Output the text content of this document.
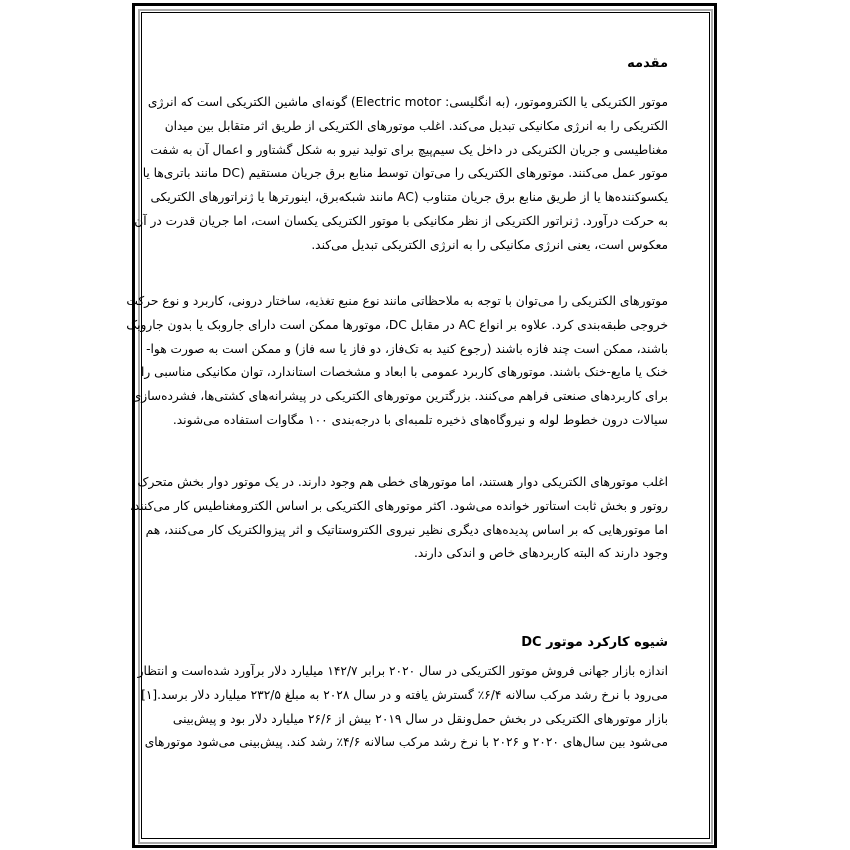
مقدمه
موتور الکتریکی یا الکتروموتور، (به انگلیسی: Electric motor) گونه‌ای ماشین الکتریکی است که انرژی
الکتریکی را به انرژی مکانیکی تبدیل می‌کند. اغلب موتورهای الکتریکی از طریق اثر متقابل بین میدان
مغناطیسی و جریان الکتریکی در داخل یک سیم‌پیچ برای تولید نیرو به شکل گشتاور و اعمال آن به شفت
موتور عمل می‌کنند. موتورهای الکتریکی را می‌توان توسط منابع برق جریان مستقیم (DC مانند باتری‌ها یا
یکسوکننده‌ها یا از طریق منابع برق جریان متناوب (AC مانند شبکه‌برق، اینورترها یا ژنراتورهای الکتریکی
به حرکت درآورد. ژنراتور الکتریکی از نظر مکانیکی با موتور الکتریکی یکسان است، اما جریان قدرت در آن
معکوس است، یعنی انرژی مکانیکی را به انرژی الکتریکی تبدیل می‌کند.
موتورهای الکتریکی را می‌توان با توجه به ملاحظاتی مانند نوع منبع تغذیه، ساختار درونی، کاربرد و نوع حرکت
خروجی طبقه‌بندی کرد. علاوه بر انواع AC در مقابل DC، موتورها ممکن است دارای جاروبک یا بدون جاروبک
باشند، ممکن است چند فازه باشند (رجوع کنید به تک‌فاز، دو فاز یا سه فاز) و ممکن است به صورت هوا-
خنک یا مایع-خنک باشند. موتورهای کاربرد عمومی با ابعاد و مشخصات استاندارد، توان مکانیکی مناسبی را
برای کاربردهای صنعتی فراهم می‌کنند. بزرگترین موتورهای الکتریکی در پیشرانه‌های کشتی‌ها، فشرده‌سازی
سیالات درون خطوط لوله و نیروگاه‌های ذخیره تلمبه‌ای با درجه‌بندی ۱۰۰ مگاوات استفاده می‌شوند.
اغلب موتورهای الکتریکی دوار هستند، اما موتورهای خطی هم وجود دارند. در یک موتور دوار بخش متحرک
روتور و بخش ثابت استاتور خوانده می‌شود. اکثر موتورهای الکتریکی بر اساس الکترومغناطیس کار می‌کنند،
اما موتورهایی که بر اساس پدیده‌های دیگری نظیر نیروی الکتروستاتیک و اثر پیزوالکتریک کار می‌کنند، هم
وجود دارند که البته کاربردهای خاص و اندکی دارند.
شیوه کارکرد موتور DC
اندازه بازار جهانی فروش موتور الکتریکی در سال ۲۰۲۰ برابر ۱۴۲/۷ میلیارد دلار برآورد شده‌است و انتظار
می‌رود با نرخ رشد مرکب سالانه ۶/۴٪ گسترش یافته و در سال ۲۰۲۸ به مبلغ ۲۳۲/۵ میلیارد دلار برسد.[۱]
بازار موتورهای الکتریکی در بخش حمل‌ونقل در سال ۲۰۱۹ بیش از ۲۶/۶ میلیارد دلار بود و پیش‌بینی
می‌شود بین سال‌های ۲۰۲۰ و ۲۰۲۶ با نرخ رشد مرکب سالانه ۴/۶٪ رشد کند. پیش‌بینی می‌شود موتورهای
